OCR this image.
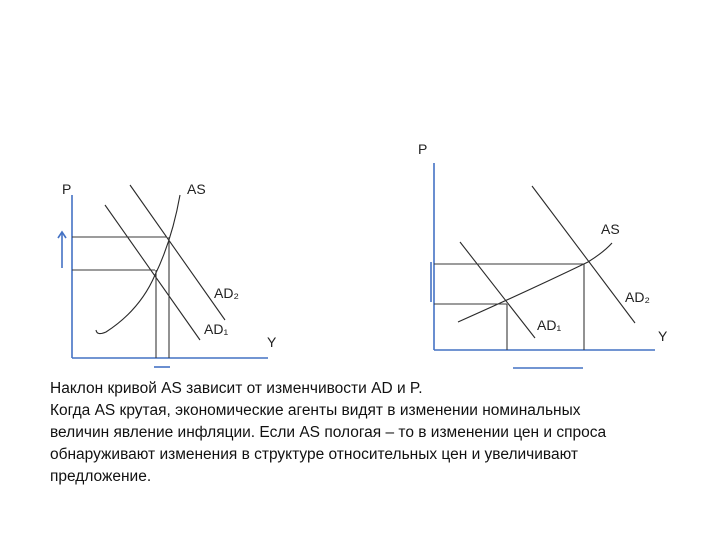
P	AS
AD₂
AD₁
Y
P
AS
AD₂
AD₁
Y

Наклон кривой AS зависит от изменчивости AD и P.

Когда AS крутая, экономические агенты видят в изменении номинальных

величин явление инфляции. Если AS пологая – то в изменении цен и спроса

обнаруживают изменения в структуре относительных цен и увеличивают

предложение.
